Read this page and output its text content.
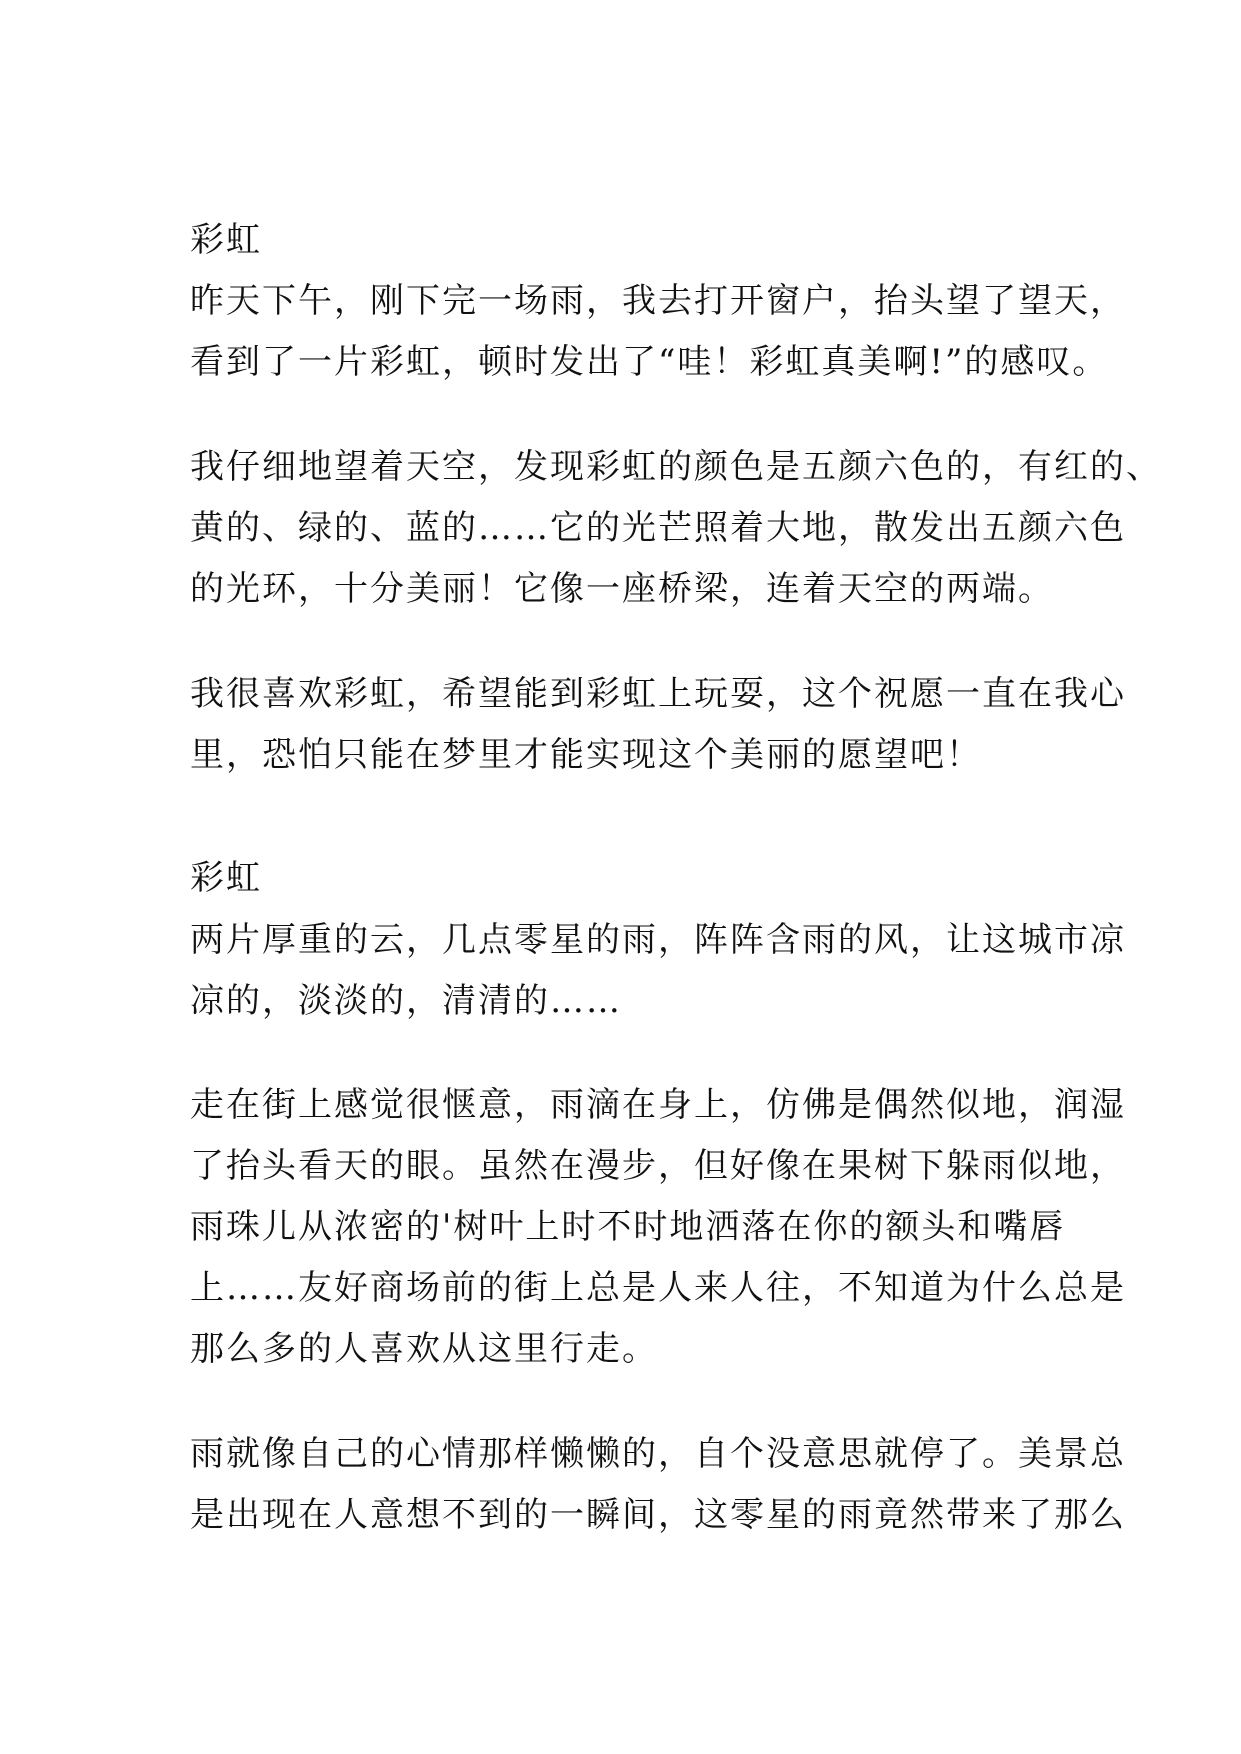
彩虹
昨天下午，刚下完一场雨，我去打开窗户，抬头望了望天，
看到了一片彩虹，顿时发出了“哇！彩虹真美啊!”的感叹。
我仔细地望着天空，发现彩虹的颜色是五颜六色的，有红的、
黄的、绿的、蓝的……它的光芒照着大地，散发出五颜六色
的光环，十分美丽！它像一座桥梁，连着天空的两端。
我很喜欢彩虹，希望能到彩虹上玩耍，这个祝愿一直在我心
里，恐怕只能在梦里才能实现这个美丽的愿望吧！
彩虹
两片厚重的云，几点零星的雨，阵阵含雨的风，让这城市凉
凉的，淡淡的，清清的……
走在街上感觉很惬意，雨滴在身上，仿佛是偶然似地，润湿
了抬头看天的眼。虽然在漫步，但好像在果树下躲雨似地，
雨珠儿从浓密的'树叶上时不时地洒落在你的额头和嘴唇
上……友好商场前的街上总是人来人往，不知道为什么总是
那么多的人喜欢从这里行走。
雨就像自己的心情那样懒懒的，自个没意思就停了。美景总
是出现在人意想不到的一瞬间，这零星的雨竟然带来了那么
